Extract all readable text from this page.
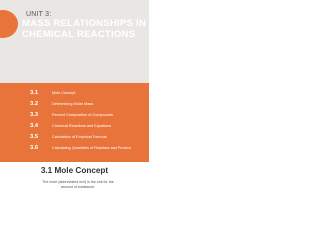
UNIT 3:
MASS RELATIONSHIPS IN CHEMICAL REACTIONS
3.1	Mole Concept
3.2	Determining Molar Mass
3.3	Percent Composition of Compounds
3.4	Chemical Reactions and Equations
3.5	Calculation of Empirical Formula
3.6	Calculating Quantities of Reactant and Product
3.1 Mole Concept

The mole (abbreviated mol) is the unit for the amount of substance.
